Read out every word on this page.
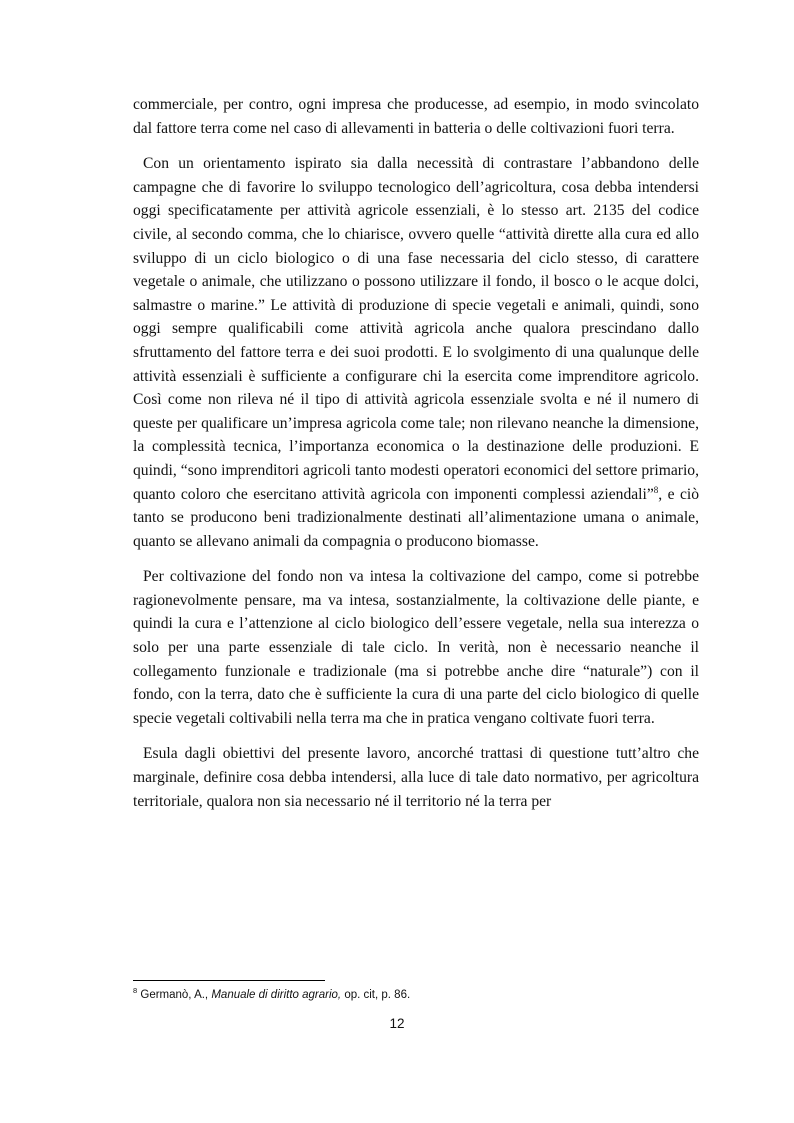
commerciale, per contro, ogni impresa che producesse, ad esempio, in modo svincolato dal fattore terra come nel caso di allevamenti in batteria o delle coltivazioni fuori terra.

Con un orientamento ispirato sia dalla necessità di contrastare l’abbandono delle campagne che di favorire lo sviluppo tecnologico dell’agricoltura, cosa debba intendersi oggi specificatamente per attività agricole essenziali, è lo stesso art. 2135 del codice civile, al secondo comma, che lo chiarisce, ovvero quelle “attività dirette alla cura ed allo sviluppo di un ciclo biologico o di una fase necessaria del ciclo stesso, di carattere vegetale o animale, che utilizzano o possono utilizzare il fondo, il bosco o le acque dolci, salmastre o marine.” Le attività di produzione di specie vegetali e animali, quindi, sono oggi sempre qualificabili come attività agricola anche qualora prescindano dallo sfruttamento del fattore terra e dei suoi prodotti. E lo svolgimento di una qualunque delle attività essenziali è sufficiente a configurare chi la esercita come imprenditore agricolo. Così come non rileva né il tipo di attività agricola essenziale svolta e né il numero di queste per qualificare un’impresa agricola come tale; non rilevano neanche la dimensione, la complessità tecnica, l’importanza economica o la destinazione delle produzioni. E quindi, “sono imprenditori agricoli tanto modesti operatori economici del settore primario, quanto coloro che esercitano attività agricola con imponenti complessi aziendali”$^8$, e ciò tanto se producono beni tradizionalmente destinati all’alimentazione umana o animale, quanto se allevano animali da compagnia o producono biomasse.

Per coltivazione del fondo non va intesa la coltivazione del campo, come si potrebbe ragionevolmente pensare, ma va intesa, sostanzialmente, la coltivazione delle piante, e quindi la cura e l’attenzione al ciclo biologico dell’essere vegetale, nella sua interezza o solo per una parte essenziale di tale ciclo. In verità, non è necessario neanche il collegamento funzionale e tradizionale (ma si potrebbe anche dire “naturale”) con il fondo, con la terra, dato che è sufficiente la cura di una parte del ciclo biologico di quelle specie vegetali coltivabili nella terra ma che in pratica vengano coltivate fuori terra.

Esula dagli obiettivi del presente lavoro, ancorché trattasi di questione tutt’altro che marginale, definire cosa debba intendersi, alla luce di tale dato normativo, per agricoltura territoriale, qualora non sia necessario né il territorio né la terra per

$^8$ Germanò, A., Manuale di diritto agrario, op. cit, p. 86.
12
